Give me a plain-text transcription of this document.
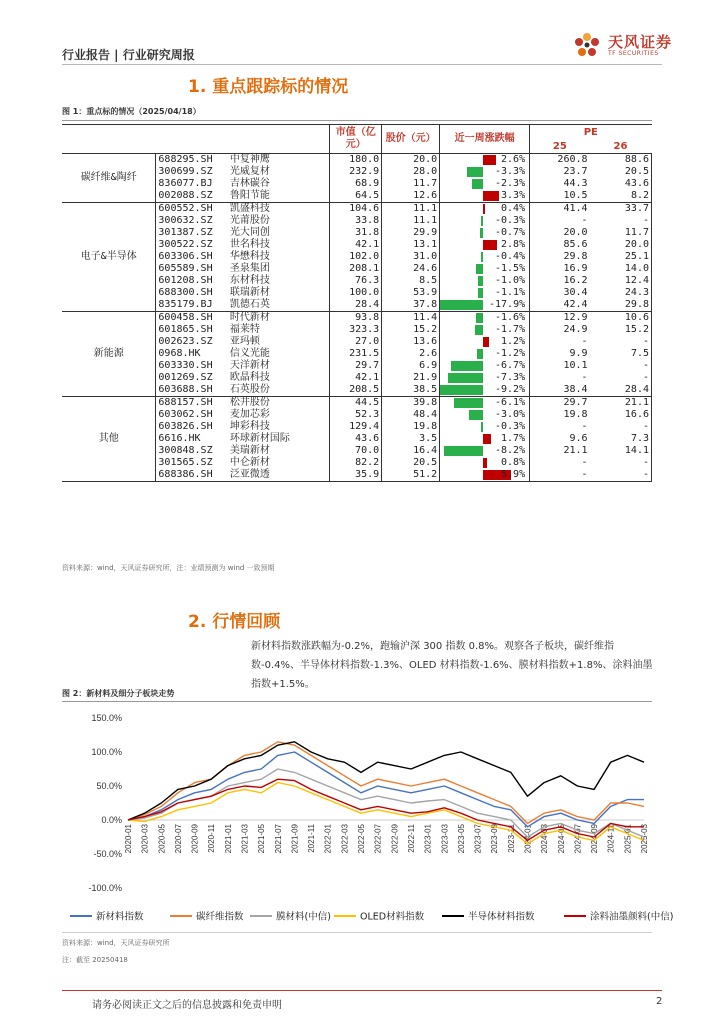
行业报告 | 行业研究周报
天风证券
TF SECURITIES
1. 重点跟踪标的情况
图 1：重点标的情况（2025/04/18）
			市值（亿元）	股价（元）	近一周涨跌幅	PE	
						25	26
碳纤维&陶纤	688295.SH	中复神鹰	180.0	20.0	2.6%	260.8	88.6
	300699.SZ	光威复材	232.9	28.0	-3.3%	23.7	20.5
	836077.BJ	吉林碳谷	68.9	11.7	-2.3%	44.3	43.6
	002088.SZ	鲁阳节能	64.5	12.6	3.3%	10.5	8.2
电子&半导体	600552.SH	凯盛科技	104.6	11.1	0.4%	41.4	33.7
	300632.SZ	光莆股份	33.8	11.1	-0.3%	-	-
	301387.SZ	光大同创	31.8	29.9	-0.7%	20.0	11.7
	300522.SZ	世名科技	42.1	13.1	2.8%	85.6	20.0
	603306.SH	华懋科技	102.0	31.0	-0.4%	29.8	25.1
	605589.SH	圣泉集团	208.1	24.6	-1.5%	16.9	14.0
	601208.SH	东材科技	76.3	8.5	-1.0%	16.2	12.4
	688300.SH	联瑞新材	100.0	53.9	-1.1%	30.4	24.3
	835179.BJ	凯德石英	28.4	37.8	-17.9%	42.4	29.8
新能源	600458.SH	时代新材	93.8	11.4	-1.6%	12.9	10.6
	601865.SH	福莱特	323.3	15.2	-1.7%	24.9	15.2
	002623.SZ	亚玛顿	27.0	13.6	1.2%	-	-
	0968.HK	信义光能	231.5	2.6	-1.2%	9.9	7.5
	603330.SH	天洋新材	29.7	6.9	-6.7%	10.1	-
	001269.SZ	欧晶科技	42.1	21.9	-7.3%	-	-
	603688.SH	石英股份	208.5	38.5	-9.2%	38.4	28.4
其他	688157.SH	松井股份	44.5	39.8	-6.1%	29.7	21.1
	603062.SH	麦加芯彩	52.3	48.4	-3.0%	19.8	16.6
	603826.SH	坤彩科技	129.4	19.8	-0.3%	-	-
	6616.HK	环球新材国际	43.6	3.5	1.7%	9.6	7.3
	300848.SZ	美瑞新材	70.0	16.4	-8.2%	21.1	14.1
	301565.SZ	中仑新材	82.2	20.5	0.8%	-	-
	688386.SH	泛亚微透	35.9	51.2	5.9%	-	-
资料来源：wind，天风证券研究所，注：业绩预测为 wind 一致预期
2. 行情回顾
新材料指数涨跌幅为-0.2%，跑输沪深 300 指数 0.8%。观察各子板块，碳纤维指数-0.4%、半导体材料指数-1.3%、OLED 材料指数-1.6%、膜材料指数+1.8%、涂料油墨指数+1.5%。
图 2：新材料及细分子板块走势
150.0%
100.0%
50.0%
0.0%
-50.0%
-100.0%
2020-01 2020-03 2020-05 2020-07 2020-09 2020-11 2021-01 2021-03 2021-05 2021-07 2021-09 2021-11 2022-01 2022-03 2022-05 2022-07 2022-09 2022-11 2023-01 2023-03 2023-05 2023-07 2023-09 2023-11 2024-01 2024-03 2024-05 2024-07 2024-09 2024-11 2025-01 2025-03
新材料指数	碳纤维指数	膜材料(中信)	OLED材料指数	半导体材料指数	涂料油墨颜料(中信)
资料来源：wind，天风证券研究所
注：截至 20250418
请务必阅读正文之后的信息披露和免责申明	2
